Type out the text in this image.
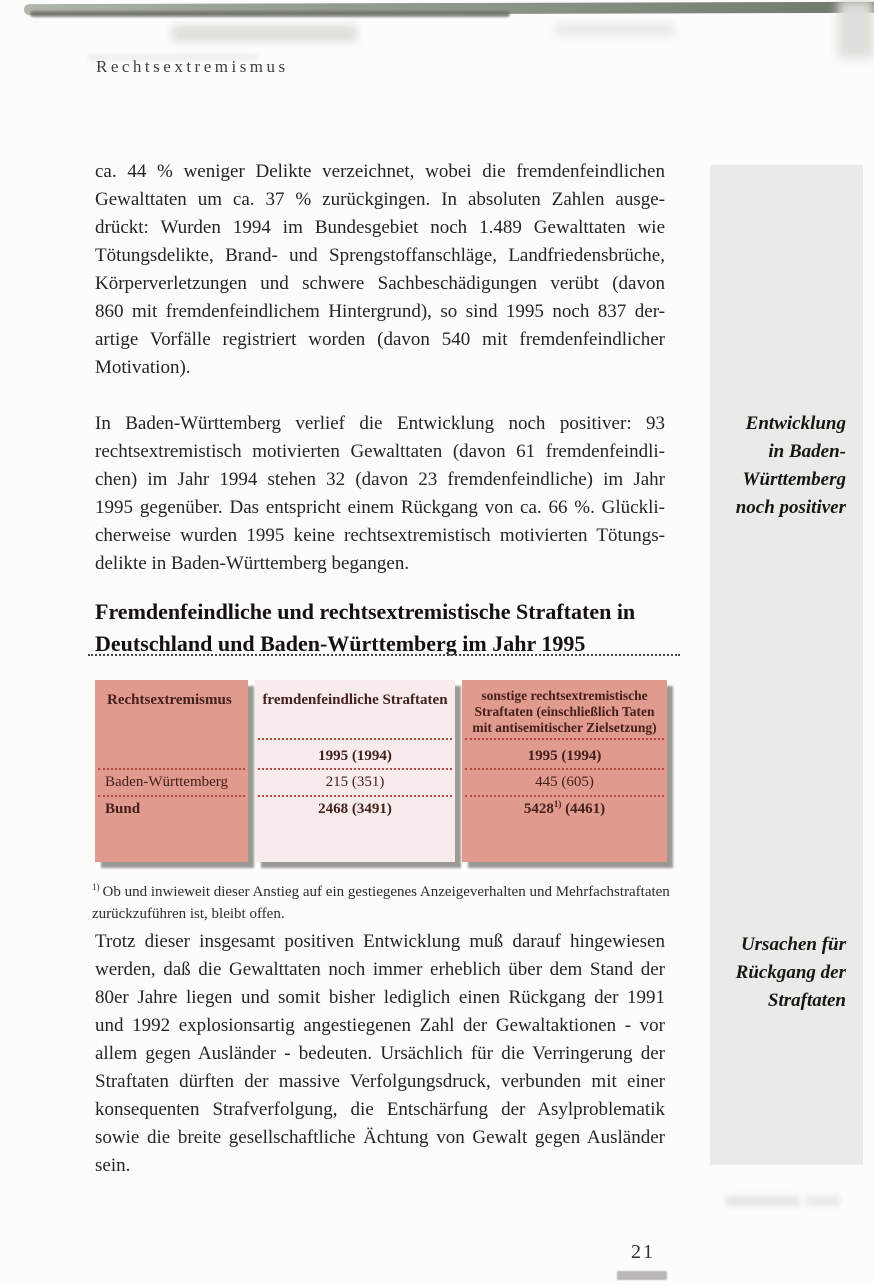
Rechtsextremismus
ca. 44 % weniger Delikte verzeichnet, wobei die fremdenfeindlichen
Gewalttaten um ca. 37 % zurückgingen. In absoluten Zahlen ausge-
drückt: Wurden 1994 im Bundesgebiet noch 1.489 Gewalttaten wie
Tötungsdelikte, Brand- und Sprengstoffanschläge, Landfriedensbrüche,
Körperverletzungen und schwere Sachbeschädigungen verübt (davon
860 mit fremdenfeindlichem Hintergrund), so sind 1995 noch 837 der-
artige Vorfälle registriert worden (davon 540 mit fremdenfeindlicher
Motivation).
Entwicklung
in Baden-
Württemberg
noch positiver
In Baden-Württemberg verlief die Entwicklung noch positiver: 93
rechtsextremistisch motivierten Gewalttaten (davon 61 fremdenfeindli-
chen) im Jahr 1994 stehen 32 (davon 23 fremdenfeindliche) im Jahr
1995 gegenüber. Das entspricht einem Rückgang von ca. 66 %. Glückli-
cherweise wurden 1995 keine rechtsextremistisch motivierten Tötungs-
delikte in Baden-Württemberg begangen.
Fremdenfeindliche und rechtsextremistische Straftaten in
Deutschland und Baden-Württemberg im Jahr 1995
Rechtsextremismus
Baden-Württemberg
Bund
fremdenfeindliche Straftaten
1995 (1994)
215 (351)
2468 (3491)
sonstige rechtsextremistische
Straftaten (einschließlich Taten
mit antisemitischer Zielsetzung)
1995 (1994)
445 (605)
5428$^{1)}$ (4461)
$^{1)}$ Ob und inwieweit dieser Anstieg auf ein gestiegenes Anzeigeverhalten und Mehrfachstraftaten
zurückzuführen ist, bleibt offen.
Trotz dieser insgesamt positiven Entwicklung muß darauf hingewiesen
werden, daß die Gewalttaten noch immer erheblich über dem Stand der
80er Jahre liegen und somit bisher lediglich einen Rückgang der 1991
und 1992 explosionsartig angestiegenen Zahl der Gewaltaktionen - vor
allem gegen Ausländer - bedeuten. Ursächlich für die Verringerung der
Straftaten dürften der massive Verfolgungsdruck, verbunden mit einer
konsequenten Strafverfolgung, die Entschärfung der Asylproblematik
sowie die breite gesellschaftliche Ächtung von Gewalt gegen Ausländer
sein.
Ursachen für
Rückgang der
Straftaten
21
